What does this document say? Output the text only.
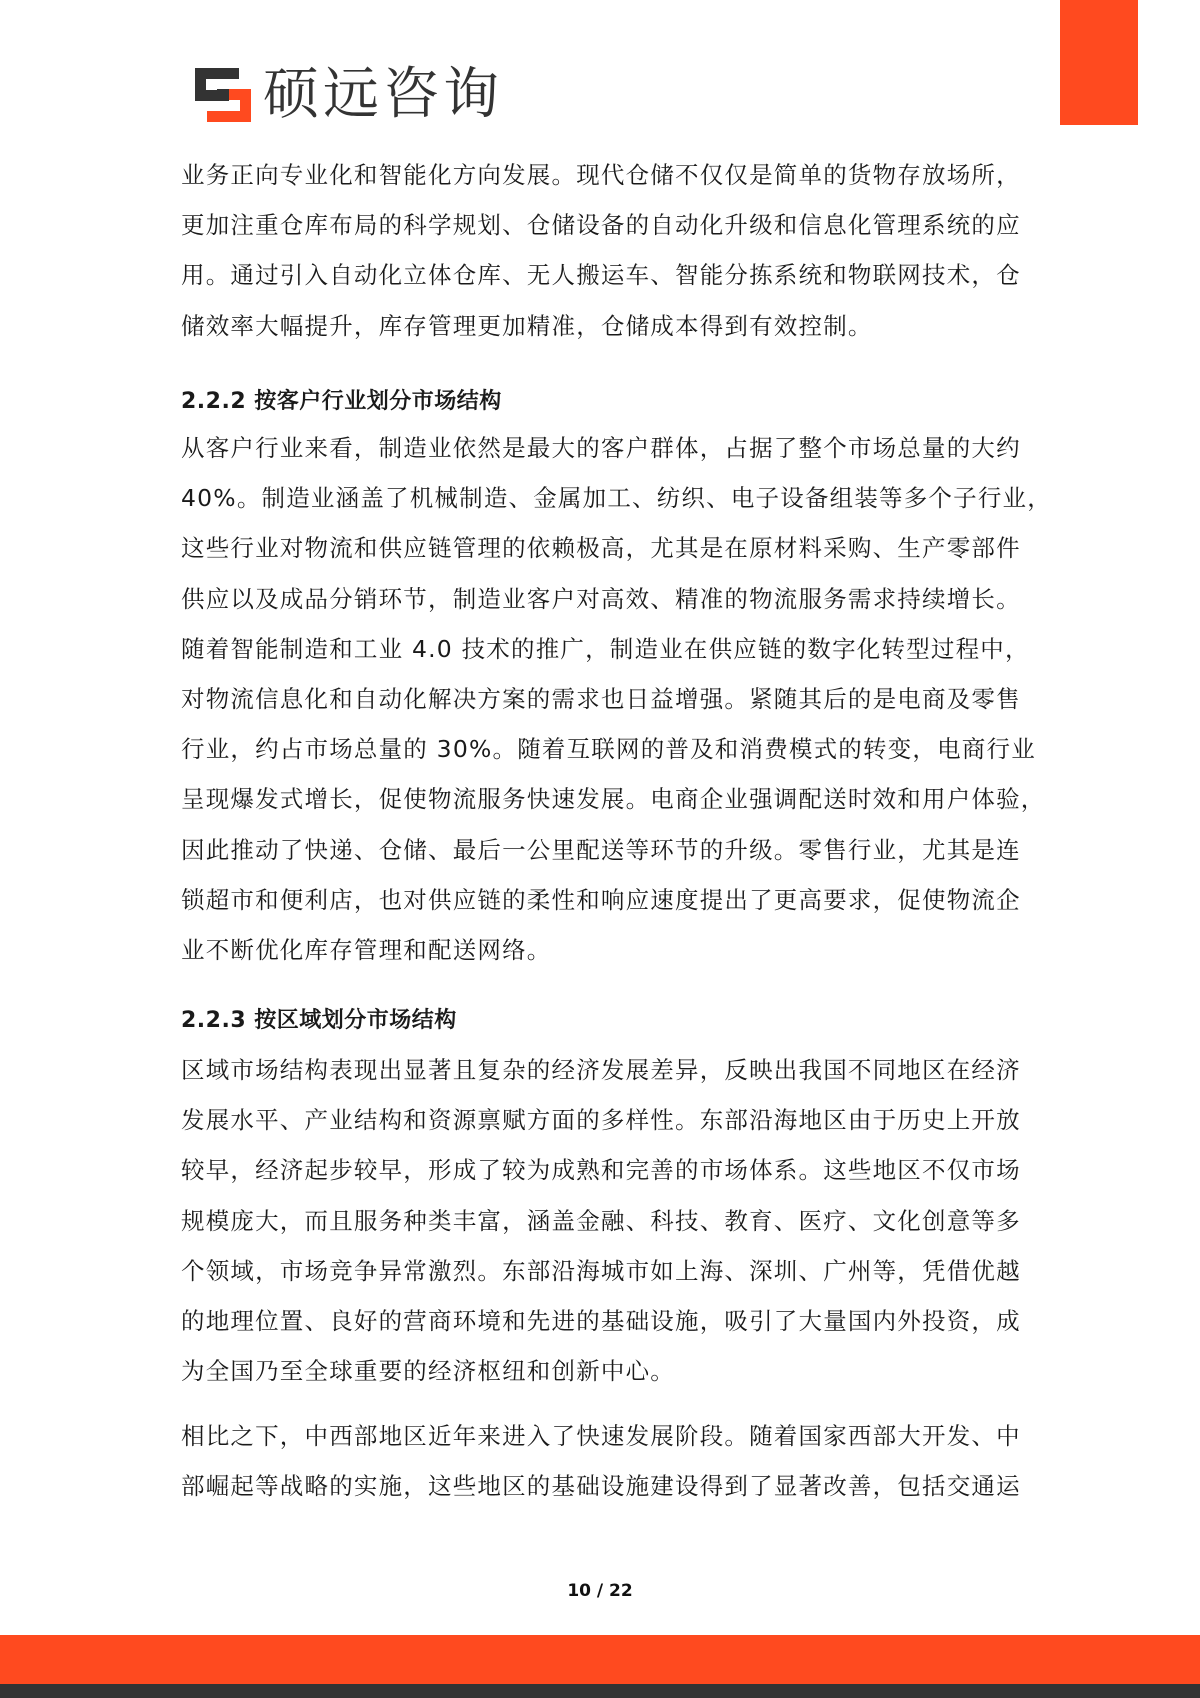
硕远咨询
业务正向专业化和智能化方向发展。现代仓储不仅仅是简单的货物存放场所，
更加注重仓库布局的科学规划、仓储设备的自动化升级和信息化管理系统的应
用。通过引入自动化立体仓库、无人搬运车、智能分拣系统和物联网技术，仓
储效率大幅提升，库存管理更加精准，仓储成本得到有效控制。
2.2.2 按客户行业划分市场结构
从客户行业来看，制造业依然是最大的客户群体，占据了整个市场总量的大约
40%。制造业涵盖了机械制造、金属加工、纺织、电子设备组装等多个子行业，
这些行业对物流和供应链管理的依赖极高，尤其是在原材料采购、生产零部件
供应以及成品分销环节，制造业客户对高效、精准的物流服务需求持续增长。
随着智能制造和工业 4.0 技术的推广，制造业在供应链的数字化转型过程中，
对物流信息化和自动化解决方案的需求也日益增强。紧随其后的是电商及零售
行业，约占市场总量的 30%。随着互联网的普及和消费模式的转变，电商行业
呈现爆发式增长，促使物流服务快速发展。电商企业强调配送时效和用户体验，
因此推动了快递、仓储、最后一公里配送等环节的升级。零售行业，尤其是连
锁超市和便利店，也对供应链的柔性和响应速度提出了更高要求，促使物流企
业不断优化库存管理和配送网络。
2.2.3 按区域划分市场结构
区域市场结构表现出显著且复杂的经济发展差异，反映出我国不同地区在经济
发展水平、产业结构和资源禀赋方面的多样性。东部沿海地区由于历史上开放
较早，经济起步较早，形成了较为成熟和完善的市场体系。这些地区不仅市场
规模庞大，而且服务种类丰富，涵盖金融、科技、教育、医疗、文化创意等多
个领域，市场竞争异常激烈。东部沿海城市如上海、深圳、广州等，凭借优越
的地理位置、良好的营商环境和先进的基础设施，吸引了大量国内外投资，成
为全国乃至全球重要的经济枢纽和创新中心。
相比之下，中西部地区近年来进入了快速发展阶段。随着国家西部大开发、中
部崛起等战略的实施，这些地区的基础设施建设得到了显著改善，包括交通运
10 / 22
